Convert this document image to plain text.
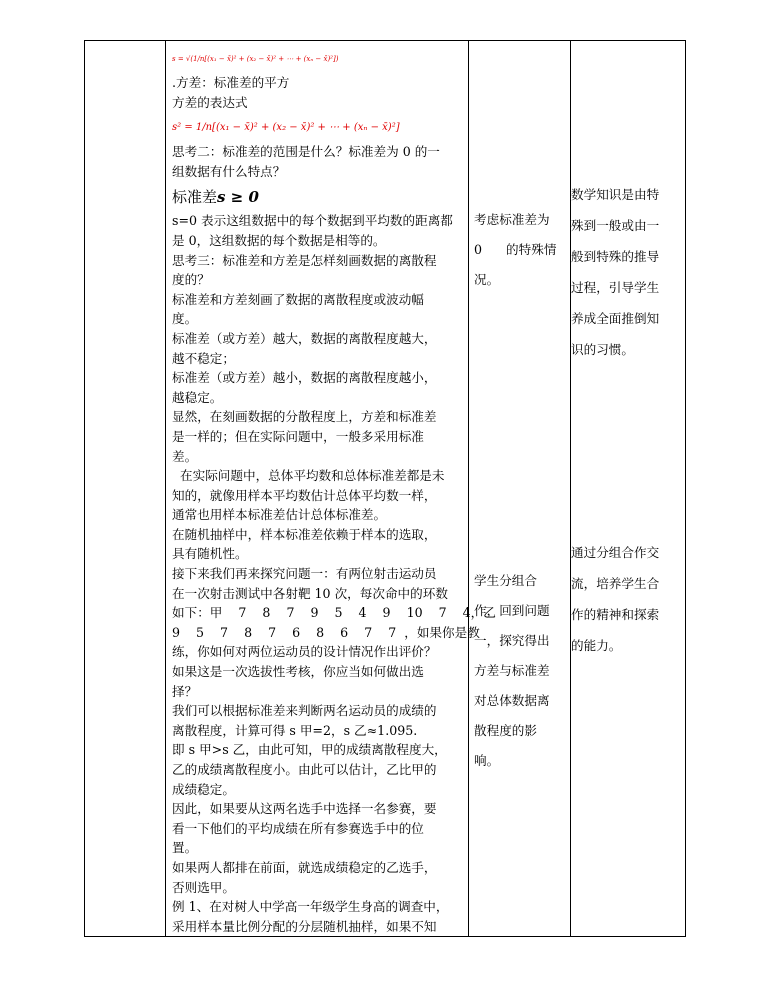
s = √(1/n[(x₁ − x̄)² + (x₂ − x̄)² + ⋯ + (xₙ − x̄)²])
.方差：标准差的平方
方差的表达式
s² = 1/n[(x₁ − x̄)² + (x₂ − x̄)² + ⋯ + (xₙ − x̄)²]
思考二：标准差的范围是什么？标准差为 0 的一
组数据有什么特点？
标准差s ≥ 0
s=0 表示这组数据中的每个数据到平均数的距离都
是 0，这组数据的每个数据是相等的。
思考三：标准差和方差是怎样刻画数据的离散程
度的？
标准差和方差刻画了数据的离散程度或波动幅
度。
标准差（或方差）越大，数据的离散程度越大，
越不稳定；
标准差（或方差）越小，数据的离散程度越小，
越稳定。
显然，在刻画数据的分散程度上，方差和标准差
是一样的；但在实际问题中，一般多采用标准
差。
在实际问题中，总体平均数和总体标准差都是未
知的，就像用样本平均数估计总体平均数一样，
通常也用样本标准差估计总体标准差。
在随机抽样中，样本标准差依赖于样本的选取，
具有随机性。
接下来我们再来探究问题一：有两位射击运动员
在一次射击测试中各射靶 10 次，每次命中的环数
如下：甲    7    8    7    9    5    4    9    10    7    4，乙
9    5    7    8    7    6    8    6    7    7  ，如果你是教
练，你如何对两位运动员的设计情况作出评价？
如果这是一次选拔性考核，你应当如何做出选
择？
我们可以根据标准差来判断两名运动员的成绩的
离散程度，计算可得 s 甲=2，s 乙≈1.095.
即 s 甲>s 乙，由此可知，甲的成绩离散程度大，
乙的成绩离散程度小。由此可以估计，乙比甲的
成绩稳定。
因此，如果要从这两名选手中选择一名参赛，要
看一下他们的平均成绩在所有参赛选手中的位
置。
如果两人都排在前面，就选成绩稳定的乙选手，
否则选甲。
例 1、在对树人中学高一年级学生身高的调查中，
采用样本量比例分配的分层随机抽样，如果不知
考虑标准差为
0      的特殊情
况。
学生分组合
作，回到问题
一，探究得出
方差与标准差
对总体数据离
散程度的影
响。
数学知识是由特
殊到一般或由一
般到特殊的推导
过程，引导学生
养成全面推倒知
识的习惯。
通过分组合作交
流，培养学生合
作的精神和探索
的能力。
